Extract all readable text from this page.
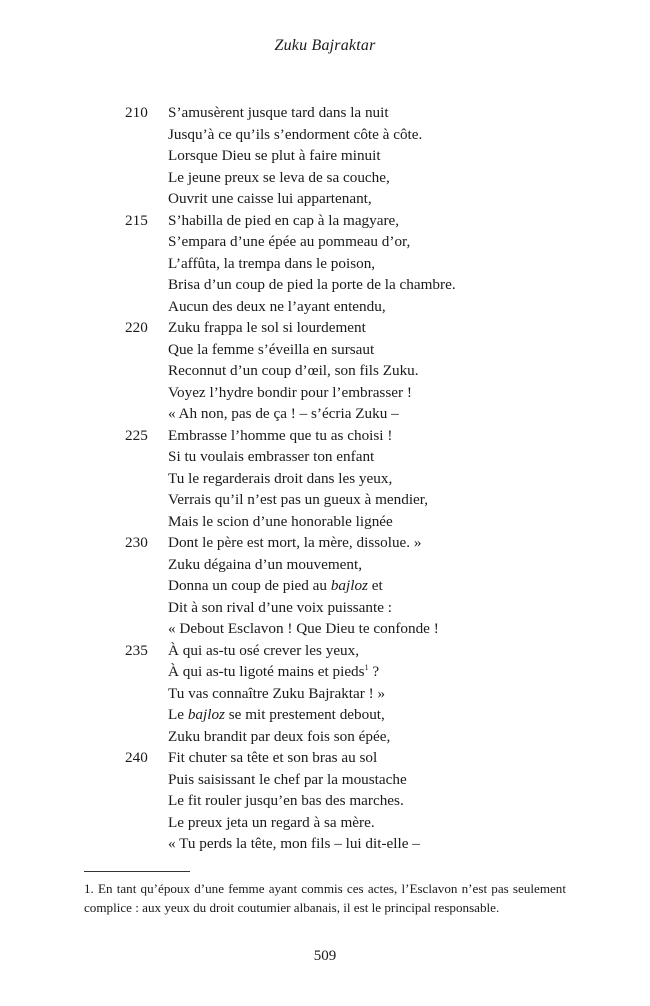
Zuku Bajraktar
210	S’amusèrent jusque tard dans la nuit
Jusqu’à ce qu’ils s’endorment côte à côte.
Lorsque Dieu se plut à faire minuit
Le jeune preux se leva de sa couche,
Ouvrit une caisse lui appartenant,
215	S’habilla de pied en cap à la magyare,
S’empara d’une épée au pommeau d’or,
L’affûta, la trempa dans le poison,
Brisa d’un coup de pied la porte de la chambre.
Aucun des deux ne l’ayant entendu,
220	Zuku frappa le sol si lourdement
Que la femme s’éveilla en sursaut
Reconnut d’un coup d’œil, son fils Zuku.
Voyez l’hydre bondir pour l’embrasser !
« Ah non, pas de ça ! – s’écria Zuku –
225	Embrasse l’homme que tu as choisi !
Si tu voulais embrasser ton enfant
Tu le regarderais droit dans les yeux,
Verrais qu’il n’est pas un gueux à mendier,
Mais le scion d’une honorable lignée
230	Dont le père est mort, la mère, dissolue. »
Zuku dégaina d’un mouvement,
Donna un coup de pied au bajloz et
Dit à son rival d’une voix puissante :
« Debout Esclavon ! Que Dieu te confonde !
235	À qui as-tu osé crever les yeux,
À qui as-tu ligoté mains et pieds$^1$ ?
Tu vas connaître Zuku Bajraktar ! »
Le bajloz se mit prestement debout,
Zuku brandit par deux fois son épée,
240	Fit chuter sa tête et son bras au sol
Puis saisissant le chef par la moustache
Le fit rouler jusqu’en bas des marches.
Le preux jeta un regard à sa mère.
« Tu perds la tête, mon fils – lui dit-elle –
1. En tant qu’époux d’une femme ayant commis ces actes, l’Esclavon n’est pas seulement complice : aux yeux du droit coutumier albanais, il est le principal responsable.
509
